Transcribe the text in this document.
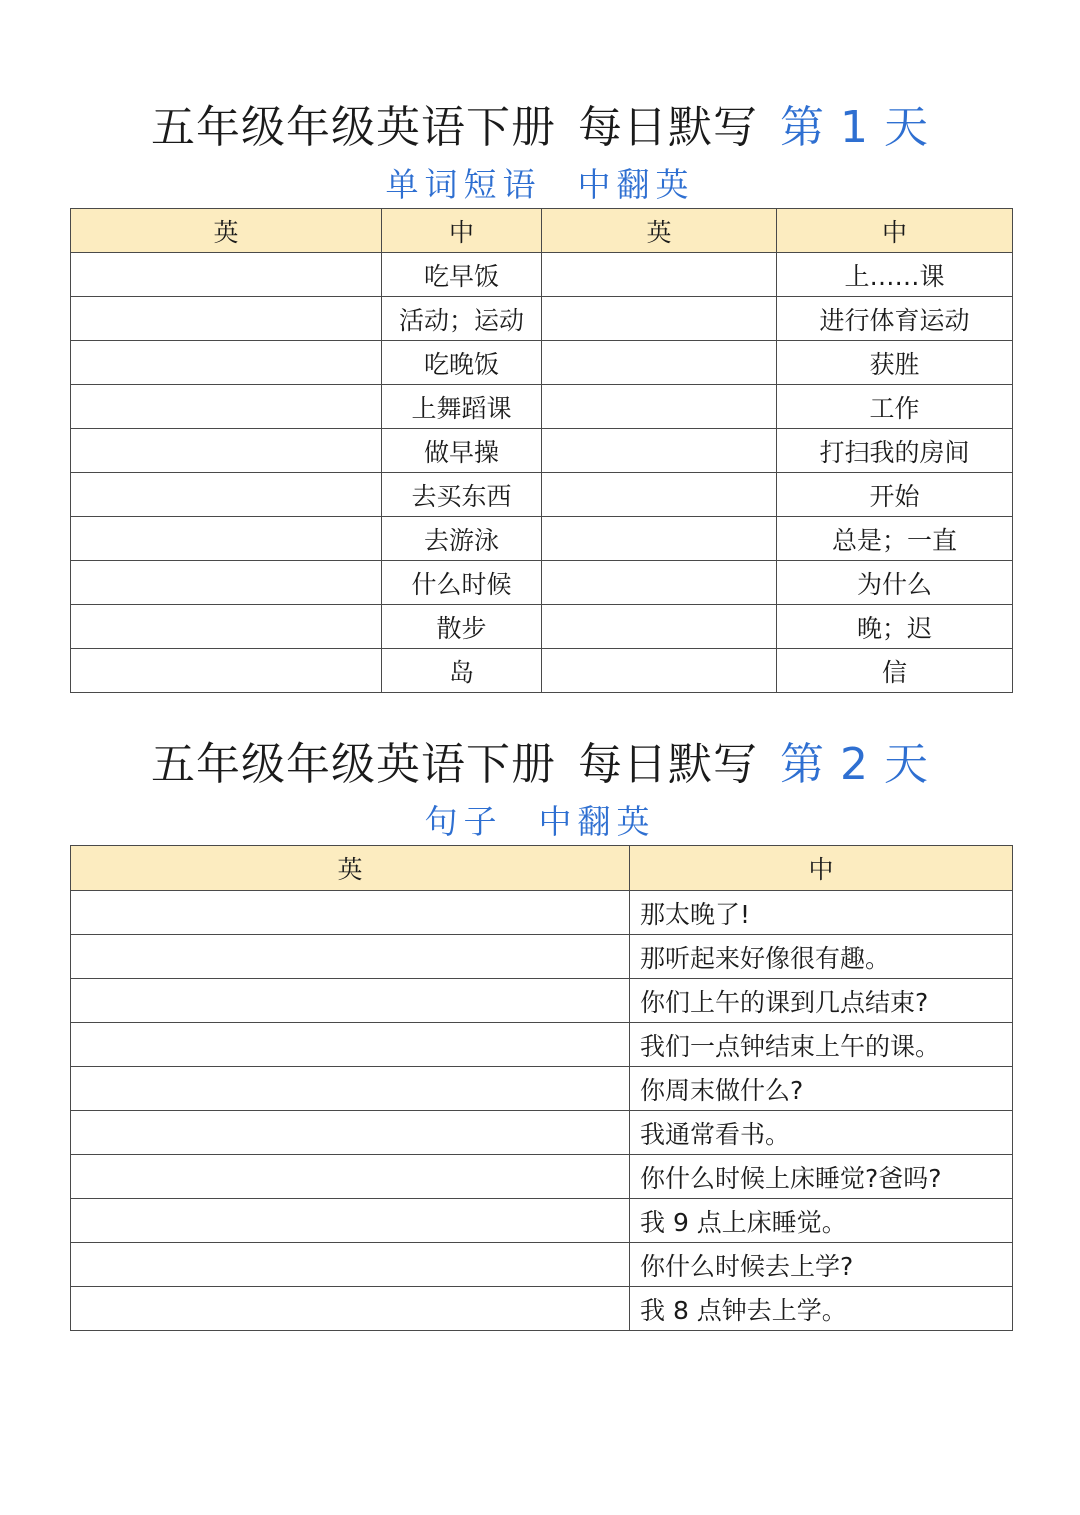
五年级年级英语下册 每日默写 第 1 天
单词短语 中翻英
英	中	英	中
	吃早饭		上……课
	活动；运动		进行体育运动
	吃晚饭		获胜
	上舞蹈课		工作
	做早操		打扫我的房间
	去买东西		开始
	去游泳		总是；一直
	什么时候		为什么
	散步		晚；迟
	岛		信
五年级年级英语下册 每日默写 第 2 天
句子 中翻英
英	中
	那太晚了!
	那听起来好像很有趣。
	你们上午的课到几点结束?
	我们一点钟结束上午的课。
	你周末做什么?
	我通常看书。
	你什么时候上床睡觉?爸吗?
	我 9 点上床睡觉。
	你什么时候去上学?
	我 8 点钟去上学。
